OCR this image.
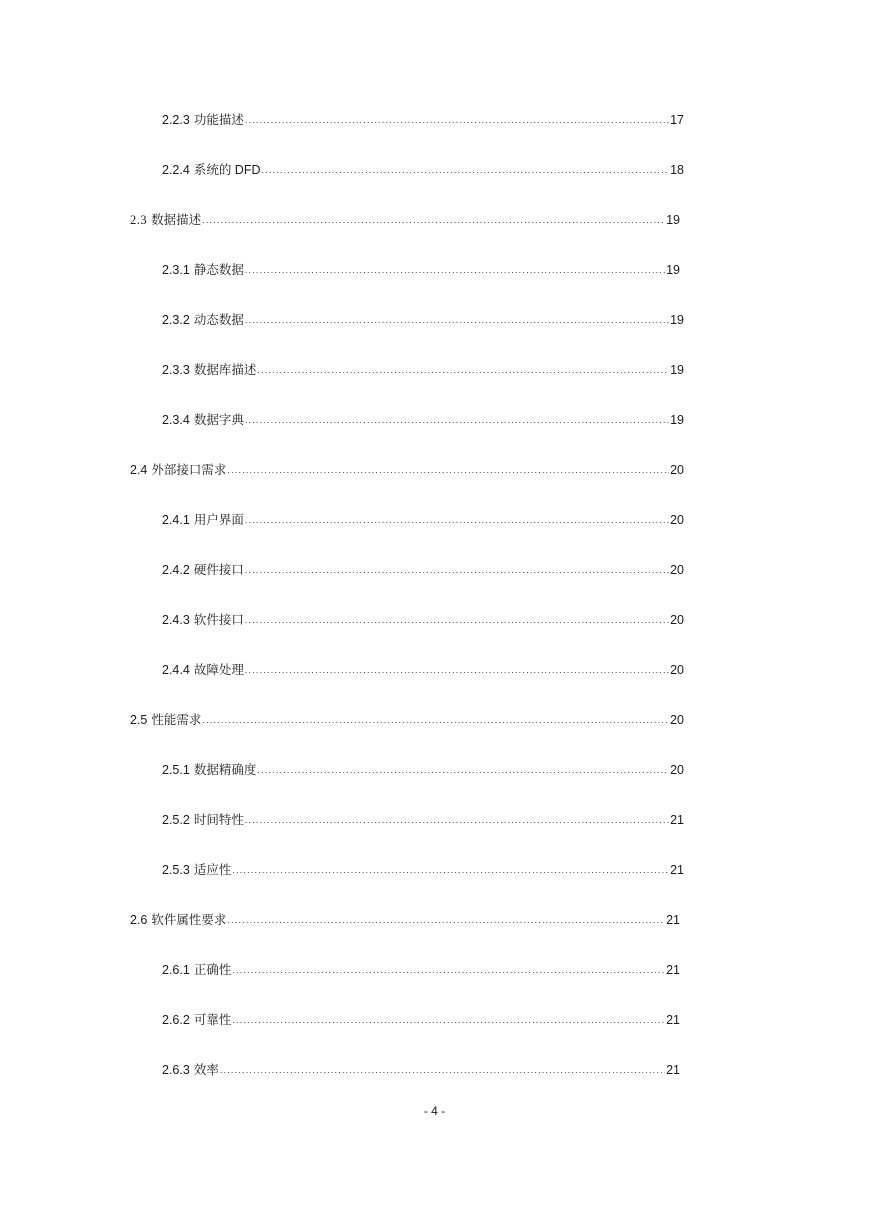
2.2.3 功能描述 .....	17
2.2.4 系统的 DFD .....	18
2.3 数据描述 .....	19
2.3.1 静态数据 .....	19
2.3.2 动态数据 .....	19
2.3.3 数据库描述 .....	19
2.3.4 数据字典 .....	19
2.4 外部接口需求 .....	20
2.4.1 用户界面 .....	20
2.4.2 硬件接口 .....	20
2.4.3 软件接口 .....	20
2.4.4 故障处理 .....	20
2.5 性能需求 .....	20
2.5.1 数据精确度 .....	20
2.5.2 时间特性 .....	21
2.5.3 适应性 .....	21
2.6 软件属性要求 .....	21
2.6.1 正确性 .....	21
2.6.2 可靠性 .....	21
2.6.3 效率 .....	21
- 4 -
